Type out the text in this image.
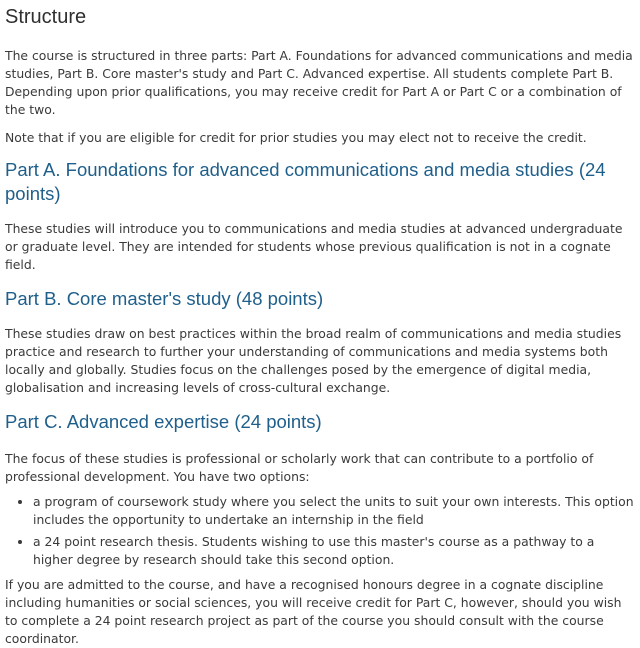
Structure

The course is structured in three parts: Part A. Foundations for advanced communications and media studies, Part B. Core master's study and Part C. Advanced expertise. All students complete Part B. Depending upon prior qualifications, you may receive credit for Part A or Part C or a combination of the two.

Note that if you are eligible for credit for prior studies you may elect not to receive the credit.

Part A. Foundations for advanced communications and media studies (24 points)

These studies will introduce you to communications and media studies at advanced undergraduate or graduate level. They are intended for students whose previous qualification is not in a cognate field.

Part B. Core master's study (48 points)

These studies draw on best practices within the broad realm of communications and media studies practice and research to further your understanding of communications and media systems both locally and globally. Studies focus on the challenges posed by the emergence of digital media, globalisation and increasing levels of cross-cultural exchange.

Part C. Advanced expertise (24 points)

The focus of these studies is professional or scholarly work that can contribute to a portfolio of professional development. You have two options:

• a program of coursework study where you select the units to suit your own interests. This option includes the opportunity to undertake an internship in the field
• a 24 point research thesis. Students wishing to use this master's course as a pathway to a higher degree by research should take this second option.

If you are admitted to the course, and have a recognised honours degree in a cognate discipline including humanities or social sciences, you will receive credit for Part C, however, should you wish to complete a 24 point research project as part of the course you should consult with the course coordinator.
